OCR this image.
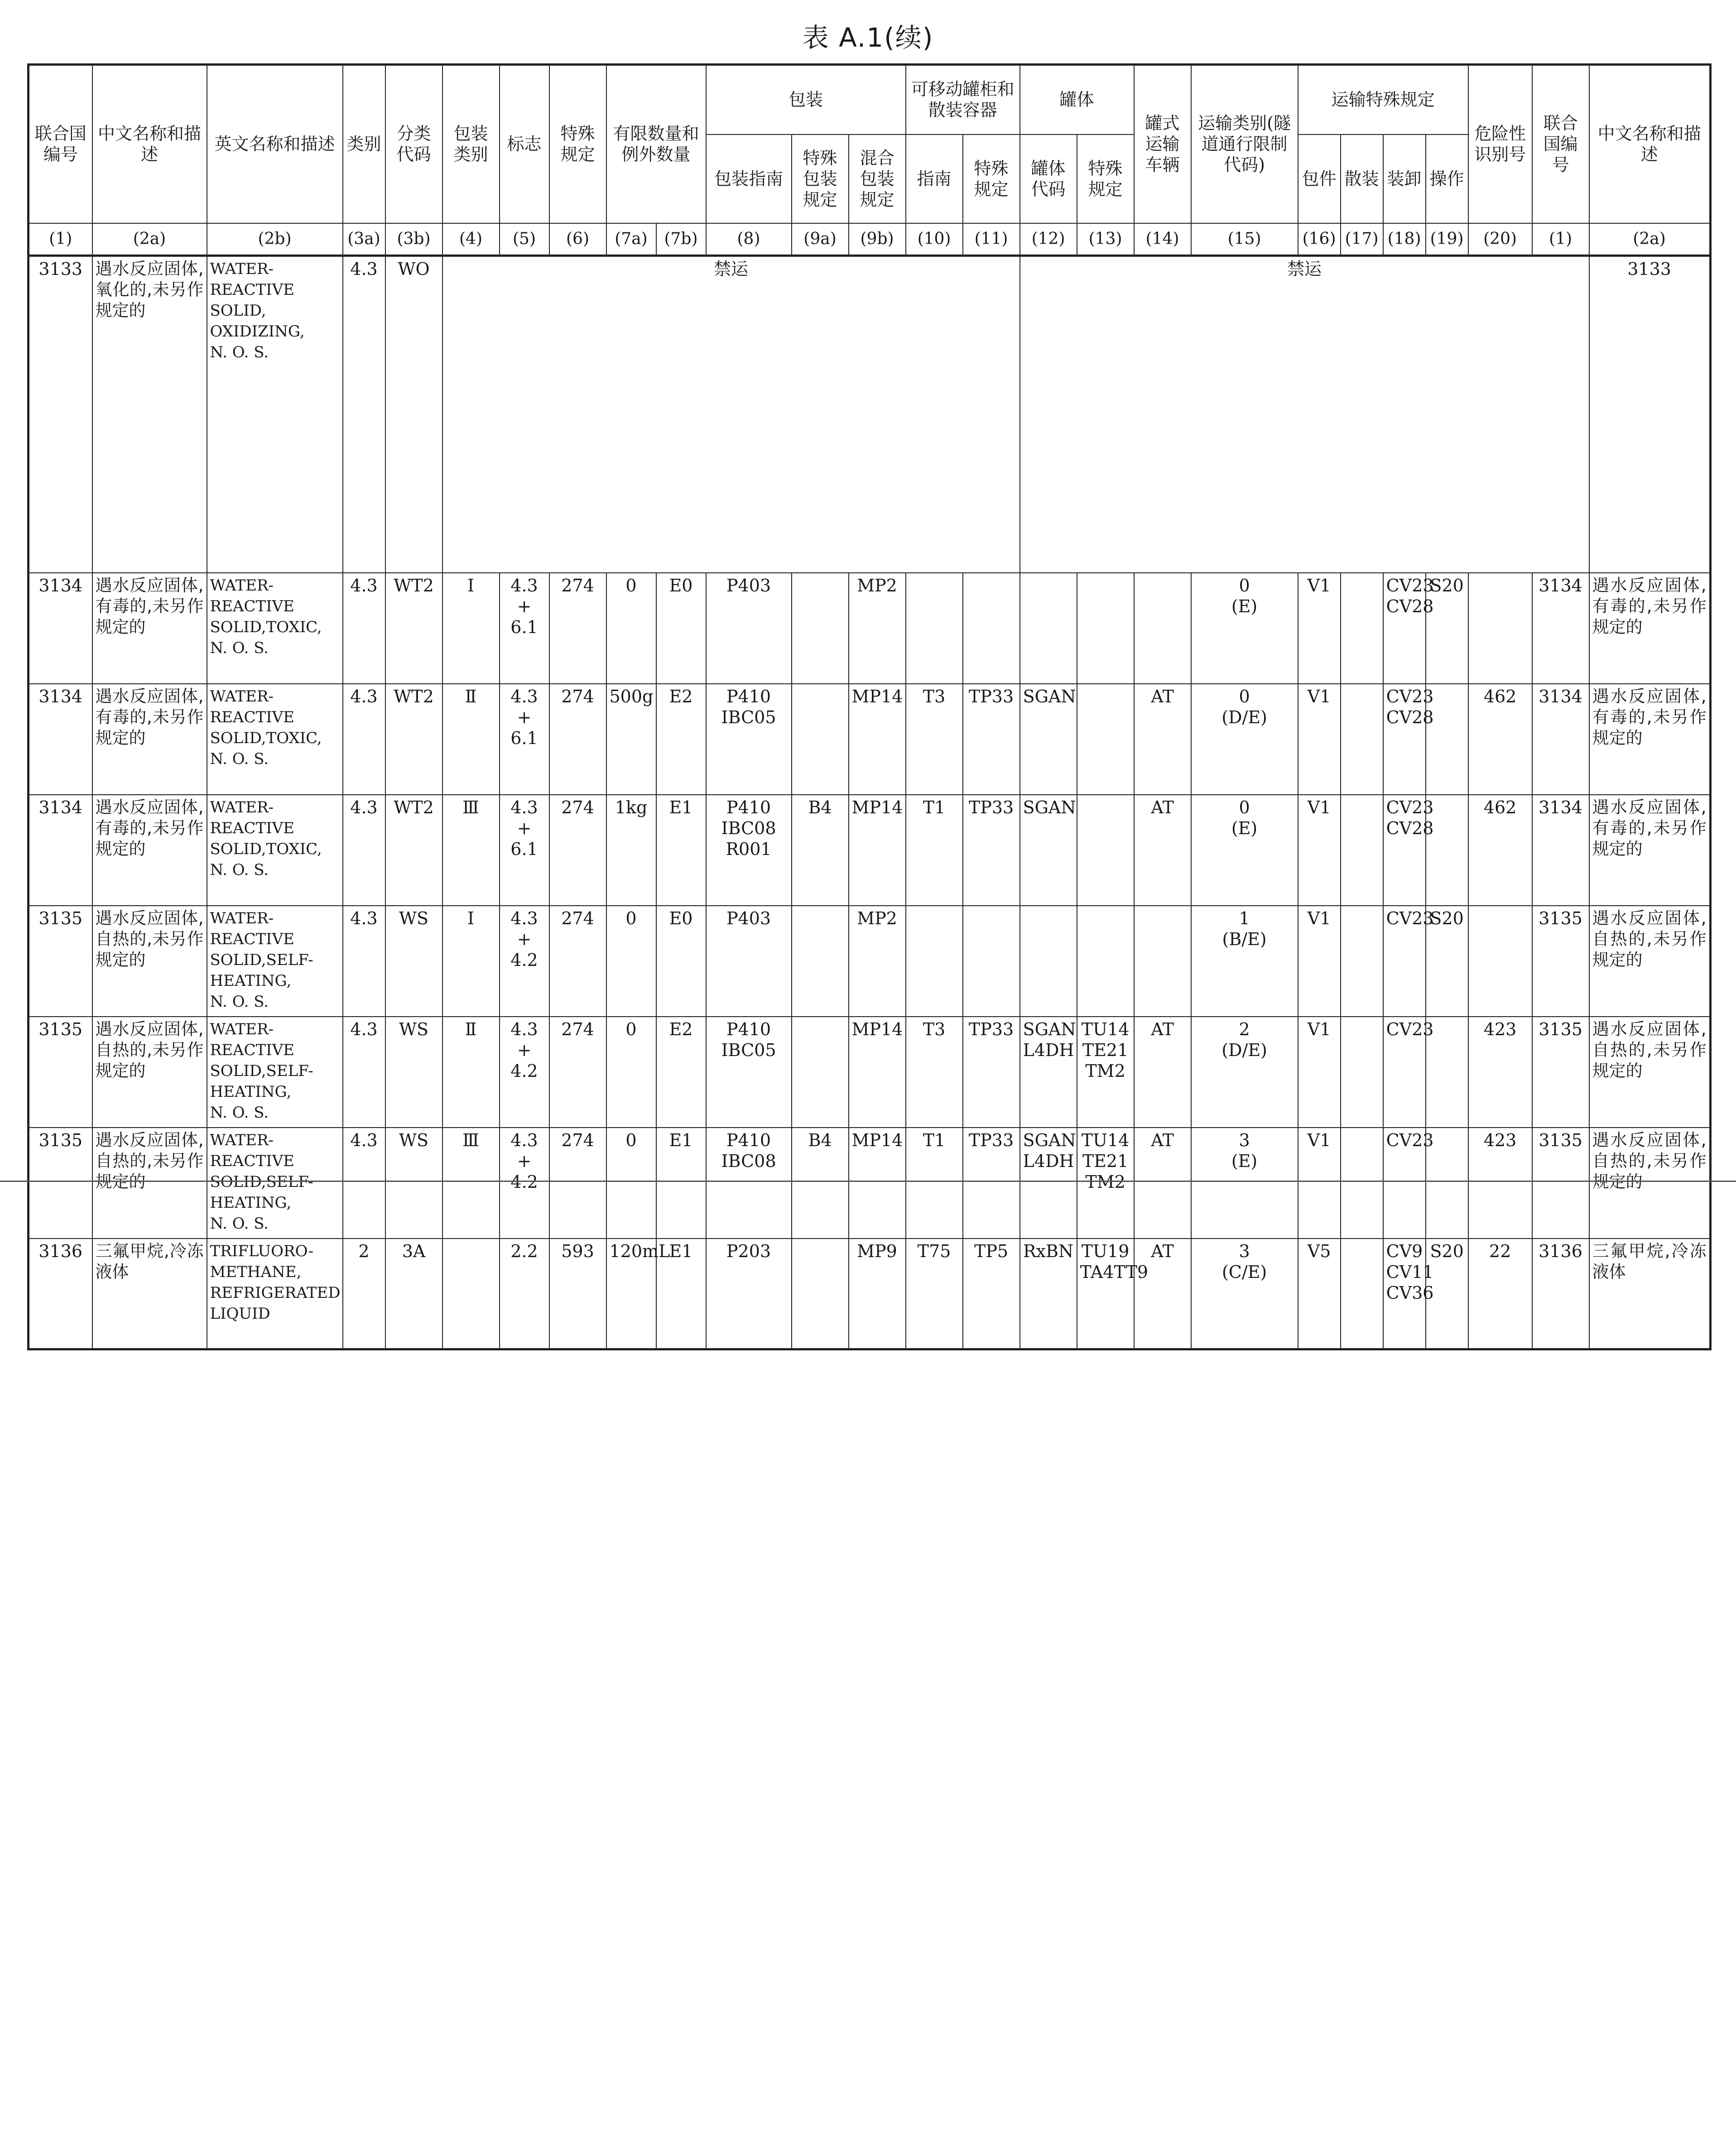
表 A.1(续)
联合国编号	中文名称和描述	英文名称和描述	类别	分类代码	包装类别	标志	特殊规定	有限数量和例外数量		包装			可移动罐柜和散装容器		罐体		罐式运输车辆	运输类别(隧道通行限制代码)	运输特殊规定				危险性识别号	联合国编号	中文名称和描述	
										包装指南	特殊包装规定	混合包装规定	指南	特殊规定	罐体代码	特殊规定			包件	散装	装卸	操作				
(1)	(2a)	(2b)	(3a)	(3b)	(4)	(5)	(6)	(7a)	(7b)	(8)	(9a)	(9b)	(10)	(11)	(12)	(13)	(14)	(15)	(16)	(17)	(18)	(19)	(20)	(1)	(2a)	
3133	遇水反应固体,氧化的,未另作规定的	WATER-
REACTIVE
SOLID,
OXIDIZING,
N. O. S.	4.3	WO	禁运										禁运										3133	
3134	遇水反应固体,有毒的,未另作规定的	WATER-
REACTIVE
SOLID,TOXIC,
N. O. S.	4.3	WT2	Ⅰ	4.3 +
6.1	274	0	E0	P403		MP2						0
(E)	V1		CV23
CV28	S20		3134	遇水反应固体,有毒的,未另作规定的	
3134	遇水反应固体,有毒的,未另作规定的	WATER-
REACTIVE
SOLID,TOXIC,
N. O. S.	4.3	WT2	Ⅱ	4.3 +
6.1	274	500g	E2	P410
IBC05		MP14	T3	TP33	SGAN		AT	0
(D/E)	V1		CV23
CV28		462	3134	遇水反应固体,有毒的,未另作规定的	
3134	遇水反应固体,有毒的,未另作规定的	WATER-
REACTIVE
SOLID,TOXIC,
N. O. S.	4.3	WT2	Ⅲ	4.3 +
6.1	274	1kg	E1	P410
IBC08
R001	B4	MP14	T1	TP33	SGAN		AT	0
(E)	V1		CV23
CV28		462	3134	遇水反应固体,有毒的,未另作规定的	
3135	遇水反应固体,自热的,未另作规定的	WATER-
REACTIVE
SOLID,SELF-
HEATING,
N. O. S.	4.3	WS	Ⅰ	4.3 +
4.2	274	0	E0	P403		MP2						1
(B/E)	V1		CV23	S20		3135	遇水反应固体,自热的,未另作规定的	
3135	遇水反应固体,自热的,未另作规定的	WATER-
REACTIVE
SOLID,SELF-
HEATING,
N. O. S.	4.3	WS	Ⅱ	4.3 +
4.2	274	0	E2	P410
IBC05		MP14	T3	TP33	SGAN
L4DH	TU14
TE21
TM2	AT	2
(D/E)	V1		CV23		423	3135	遇水反应固体,自热的,未另作规定的	
3135	遇水反应固体,自热的,未另作规定的	WATER-
REACTIVE
SOLID,SELF-
HEATING,
N. O. S.	4.3	WS	Ⅲ	4.3 +
4.2	274	0	E1	P410
IBC08	B4	MP14	T1	TP33	SGAN
L4DH	TU14
TE21
TM2	AT	3
(E)	V1		CV23		423	3135	遇水反应固体,自热的,未另作规定的	
3136	三氟甲烷,冷冻液体	TRIFLUORO-
METHANE,
REFRIGERATED
LIQUID	2	3A		2.2	593	120mL	E1	P203		MP9	T75	TP5	RxBN	TU19
TA4TT9	AT	3
(C/E)	V5		CV9
CV11
CV36	S20	22	3136	三氟甲烷,冷冻液体	
